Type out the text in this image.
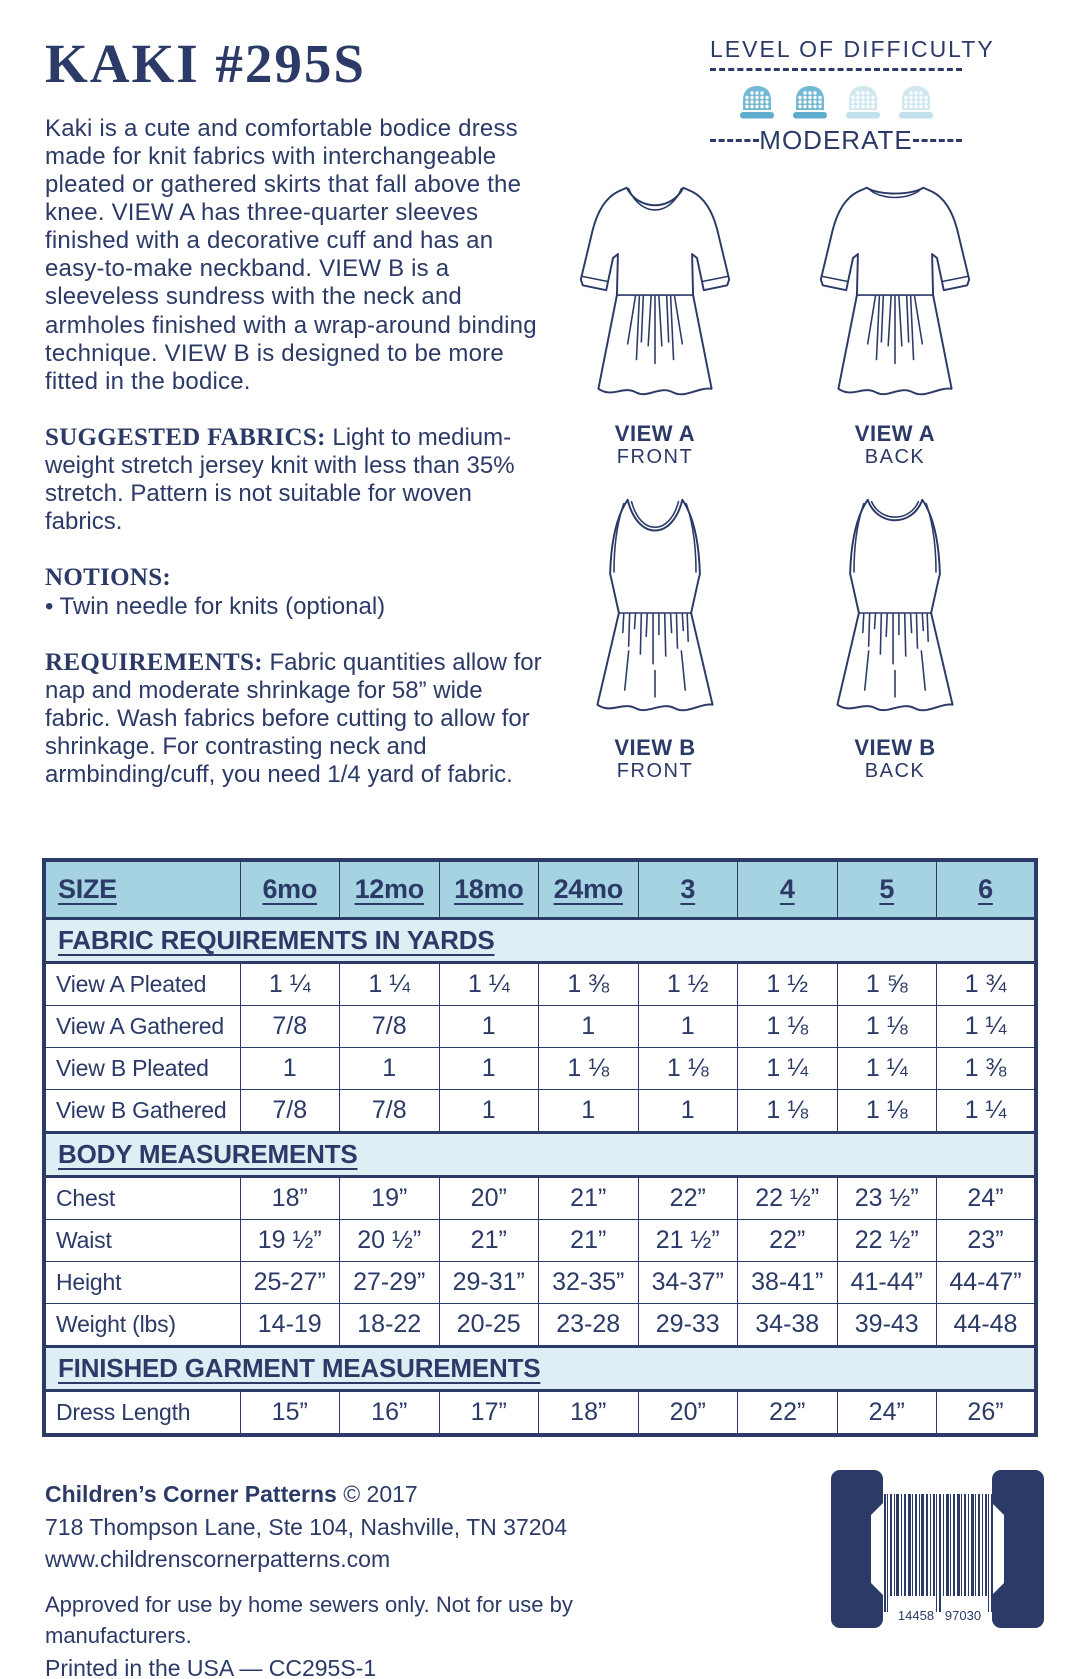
KAKI #295S

Kaki is a cute and comfortable bodice dress made for knit fabrics with interchangeable pleated or gathered skirts that fall above the knee. VIEW A has three-quarter sleeves finished with a decorative cuff and has an easy-to-make neckband. VIEW B is a sleeveless sundress with the neck and armholes finished with a wrap-around binding technique. VIEW B is designed to be more fitted in the bodice.

SUGGESTED FABRICS: Light to medium-weight stretch jersey knit with less than 35% stretch. Pattern is not suitable for woven fabrics.

NOTIONS:

• Twin needle for knits (optional)

REQUIREMENTS: Fabric quantities allow for nap and moderate shrinkage for 58” wide fabric. Wash fabrics before cutting to allow for shrinkage. For contrasting neck and armbinding/cuff, you need 1/4 yard of fabric.

LEVEL OF DIFFICULTY
MODERATE
VIEW A
FRONT
VIEW A
BACK
VIEW B
FRONT
VIEW B
BACK
SIZE	6mo	12mo	18mo	24mo	3	4	5	6
FABRIC REQUIREMENTS IN YARDS								
View A Pleated	1 ¼	1 ¼	1 ¼	1 ⅜	1 ½	1 ½	1 ⅝	1 ¾
View A Gathered	7/8	7/8	1	1	1	1 ⅛	1 ⅛	1 ¼
View B Pleated	1	1	1	1 ⅛	1 ⅛	1 ¼	1 ¼	1 ⅜
View B Gathered	7/8	7/8	1	1	1	1 ⅛	1 ⅛	1 ¼
BODY MEASUREMENTS								
Chest	18”	19”	20”	21”	22”	22 ½”	23 ½”	24”
Waist	19 ½”	20 ½”	21”	21”	21 ½”	22”	22 ½”	23”
Height	25-27”	27-29”	29-31”	32-35”	34-37”	38-41”	41-44”	44-47”
Weight (lbs)	14-19	18-22	20-25	23-28	29-33	34-38	39-43	44-48
FINISHED GARMENT MEASUREMENTS								
Dress Length	15”	16”	17”	18”	20”	22”	24”	26”

Children’s Corner Patterns © 2017

718 Thompson Lane, Ste 104, Nashville, TN 37204

www.childrenscornerpatterns.com

Approved for use by home sewers only. Not for use by manufacturers.

Printed in the USA — CC295S-1

6 14458 97030 5
